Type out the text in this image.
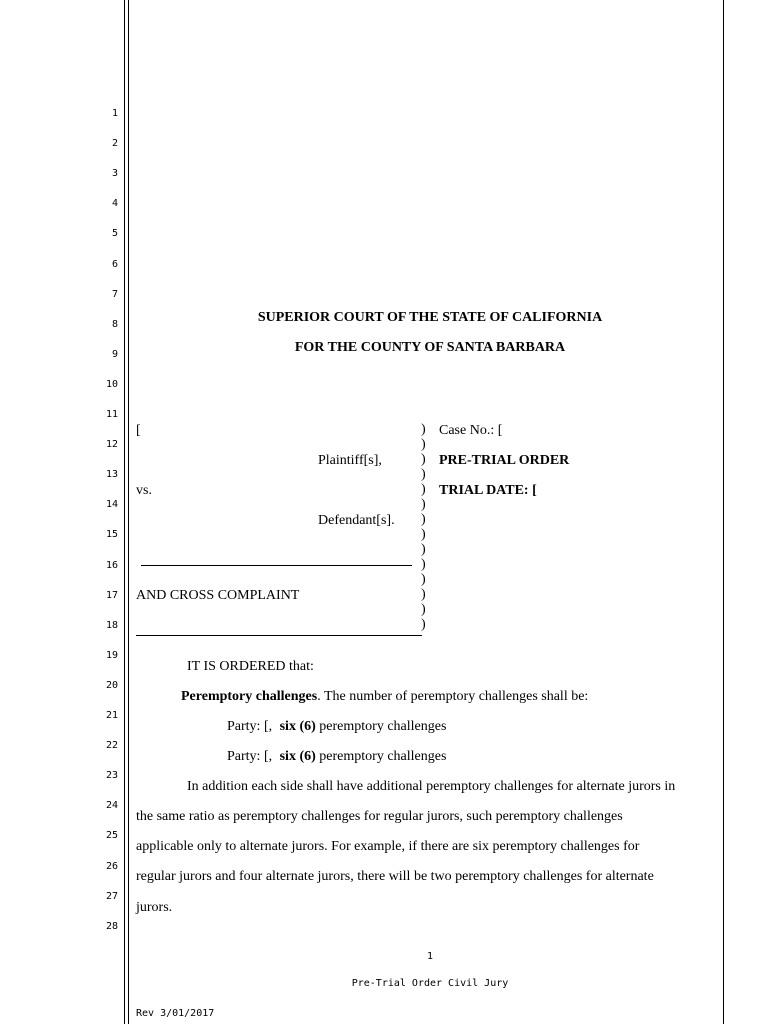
1
2
3
4
5
6
7
8
9
10
11
12
13
14
15
16
17
18
19
20
21
22
23
24
25
26
27
28
SUPERIOR COURT OF THE STATE OF CALIFORNIA
FOR THE COUNTY OF SANTA BARBARA
[
Plaintiff[s],
vs.
Defendant[s].
AND CROSS COMPLAINT
)
)
)
)
)
)
)
)
)
)
)
)
)
)
Case No.: [
PRE-TRIAL ORDER
TRIAL DATE: [
IT IS ORDERED that:
Peremptory challenges. The number of peremptory challenges shall be:
Party: [, six (6) peremptory challenges
Party: [, six (6) peremptory challenges
In addition each side shall have additional peremptory challenges for alternate jurors in
the same ratio as peremptory challenges for regular jurors, such peremptory challenges
applicable only to alternate jurors. For example, if there are six peremptory challenges for
regular jurors and four alternate jurors, there will be two peremptory challenges for alternate
jurors.
1
Pre-Trial Order Civil Jury
Rev 3/01/2017
